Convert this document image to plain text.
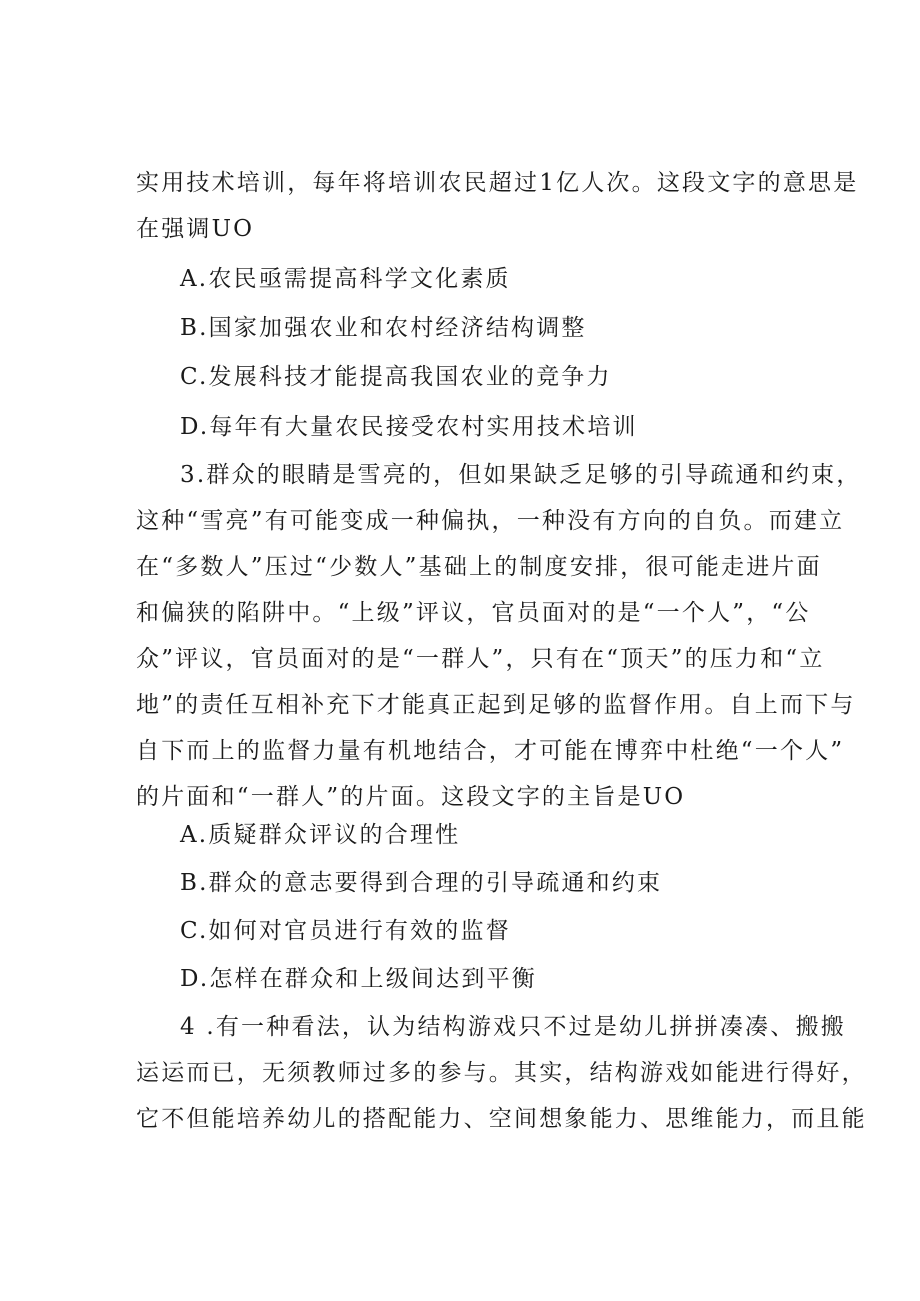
实用技术培训，每年将培训农民超过1亿人次。这段文字的意思是
在强调UO
A.农民亟需提高科学文化素质
B.国家加强农业和农村经济结构调整
C.发展科技才能提高我国农业的竞争力
D.每年有大量农民接受农村实用技术培训
3.群众的眼睛是雪亮的，但如果缺乏足够的引导疏通和约束，
这种“雪亮”有可能变成一种偏执，一种没有方向的自负。而建立
在“多数人”压过“少数人”基础上的制度安排，很可能走进片面
和偏狭的陷阱中。“上级”评议，官员面对的是“一个人”，“公
众”评议，官员面对的是“一群人”，只有在“顶天”的压力和“立
地”的责任互相补充下才能真正起到足够的监督作用。自上而下与
自下而上的监督力量有机地结合，才可能在博弈中杜绝“一个人”
的片面和“一群人”的片面。这段文字的主旨是UO
A.质疑群众评议的合理性
B.群众的意志要得到合理的引导疏通和约束
C.如何对官员进行有效的监督
D.怎样在群众和上级间达到平衡
4 .有一种看法，认为结构游戏只不过是幼儿拼拼凑凑、搬搬
运运而已，无须教师过多的参与。其实，结构游戏如能进行得好，
它不但能培养幼儿的搭配能力、空间想象能力、思维能力，而且能
